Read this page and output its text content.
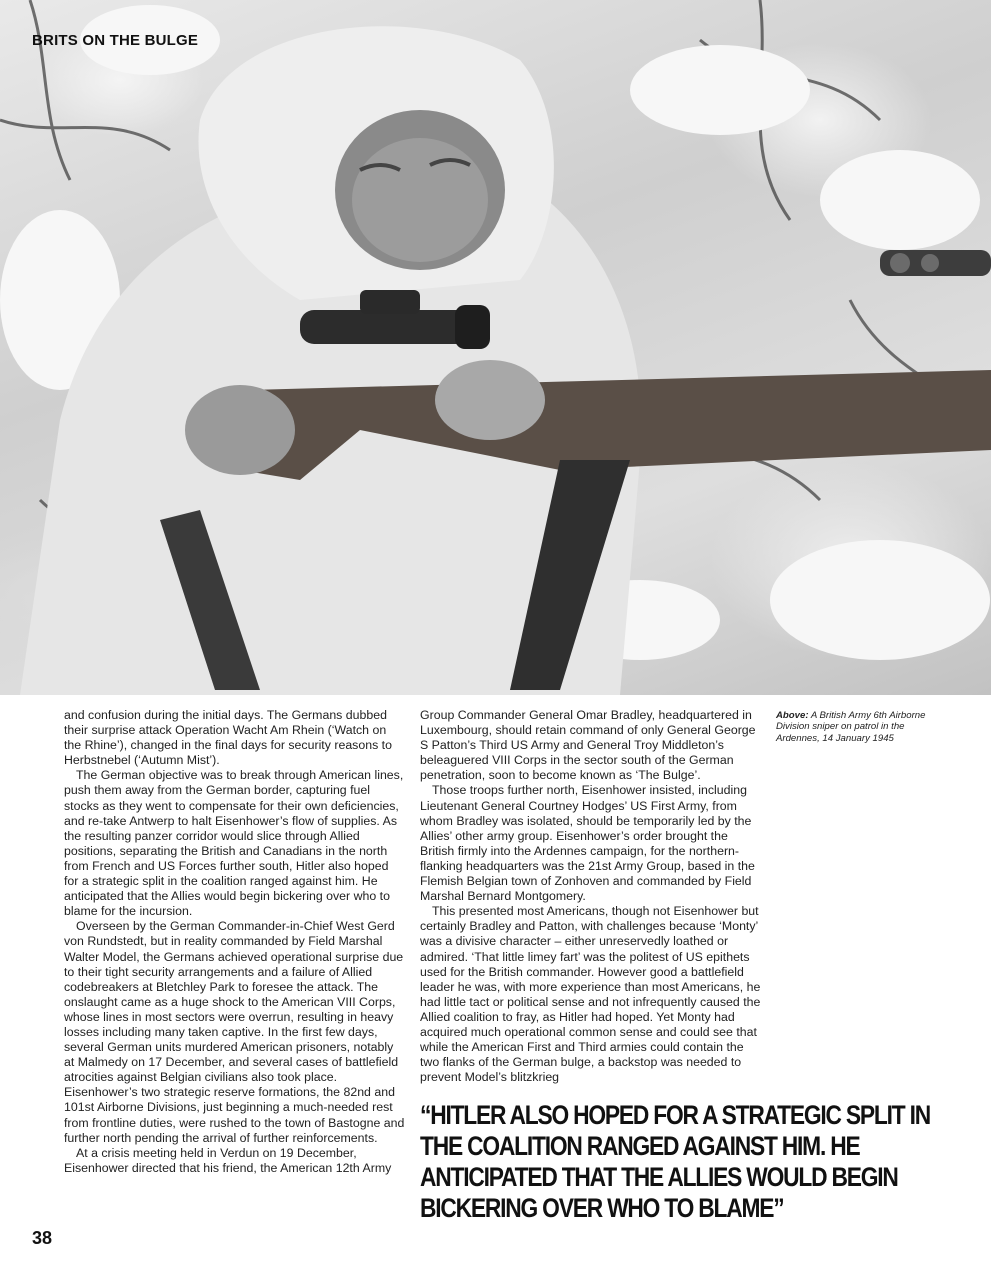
BRITS ON THE BULGE

and confusion during the initial days. The Germans dubbed their surprise attack Operation Wacht Am Rhein (‘Watch on the Rhine’), changed in the final days for security reasons to Herbstnebel (‘Autumn Mist’).

The German objective was to break through American lines, push them away from the German border, capturing fuel stocks as they went to compensate for their own deficiencies, and re-take Antwerp to halt Eisenhower’s flow of supplies. As the resulting panzer corridor would slice through Allied positions, separating the British and Canadians in the north from French and US Forces further south, Hitler also hoped for a strategic split in the coalition ranged against him. He anticipated that the Allies would begin bickering over who to blame for the incursion.

Overseen by the German Commander-in-Chief West Gerd von Rundstedt, but in reality commanded by Field Marshal Walter Model, the Germans achieved operational surprise due to their tight security arrangements and a failure of Allied codebreakers at Bletchley Park to foresee the attack. The onslaught came as a huge shock to the American VIII Corps, whose lines in most sectors were overrun, resulting in heavy losses including many taken captive. In the first few days, several German units murdered American prisoners, notably at Malmedy on 17 December, and several cases of battlefield atrocities against Belgian civilians also took place. Eisenhower’s two strategic reserve formations, the 82nd and 101st Airborne Divisions, just beginning a much-needed rest from frontline duties, were rushed to the town of Bastogne and further north pending the arrival of further reinforcements.

At a crisis meeting held in Verdun on 19 December, Eisenhower directed that his friend, the American 12th Army

Group Commander General Omar Bradley, headquartered in Luxembourg, should retain command of only General George S Patton’s Third US Army and General Troy Middleton’s beleaguered VIII Corps in the sector south of the German penetration, soon to become known as ‘The Bulge’.

Those troops further north, Eisenhower insisted, including Lieutenant General Courtney Hodges’ US First Army, from whom Bradley was isolated, should be temporarily led by the Allies’ other army group. Eisenhower’s order brought the British firmly into the Ardennes campaign, for the northern-flanking headquarters was the 21st Army Group, based in the Flemish Belgian town of Zonhoven and commanded by Field Marshal Bernard Montgomery.

This presented most Americans, though not Eisenhower but certainly Bradley and Patton, with challenges because ‘Monty’ was a divisive character – either unreservedly loathed or admired. ‘That little limey fart’ was the politest of US epithets used for the British commander. However good a battlefield leader he was, with more experience than most Americans, he had little tact or political sense and not infrequently caused the Allied coalition to fray, as Hitler had hoped. Yet Monty had acquired much operational common sense and could see that while the American First and Third armies could contain the two flanks of the German bulge, a backstop was needed to prevent Model’s blitzkrieg

Above: A British Army 6th Airborne Division sniper on patrol in the Ardennes, 14 January 1945
“HITLER ALSO HOPED FOR A STRATEGIC SPLIT IN THE COALITION RANGED AGAINST HIM. HE ANTICIPATED THAT THE ALLIES WOULD BEGIN BICKERING OVER WHO TO BLAME”
38
